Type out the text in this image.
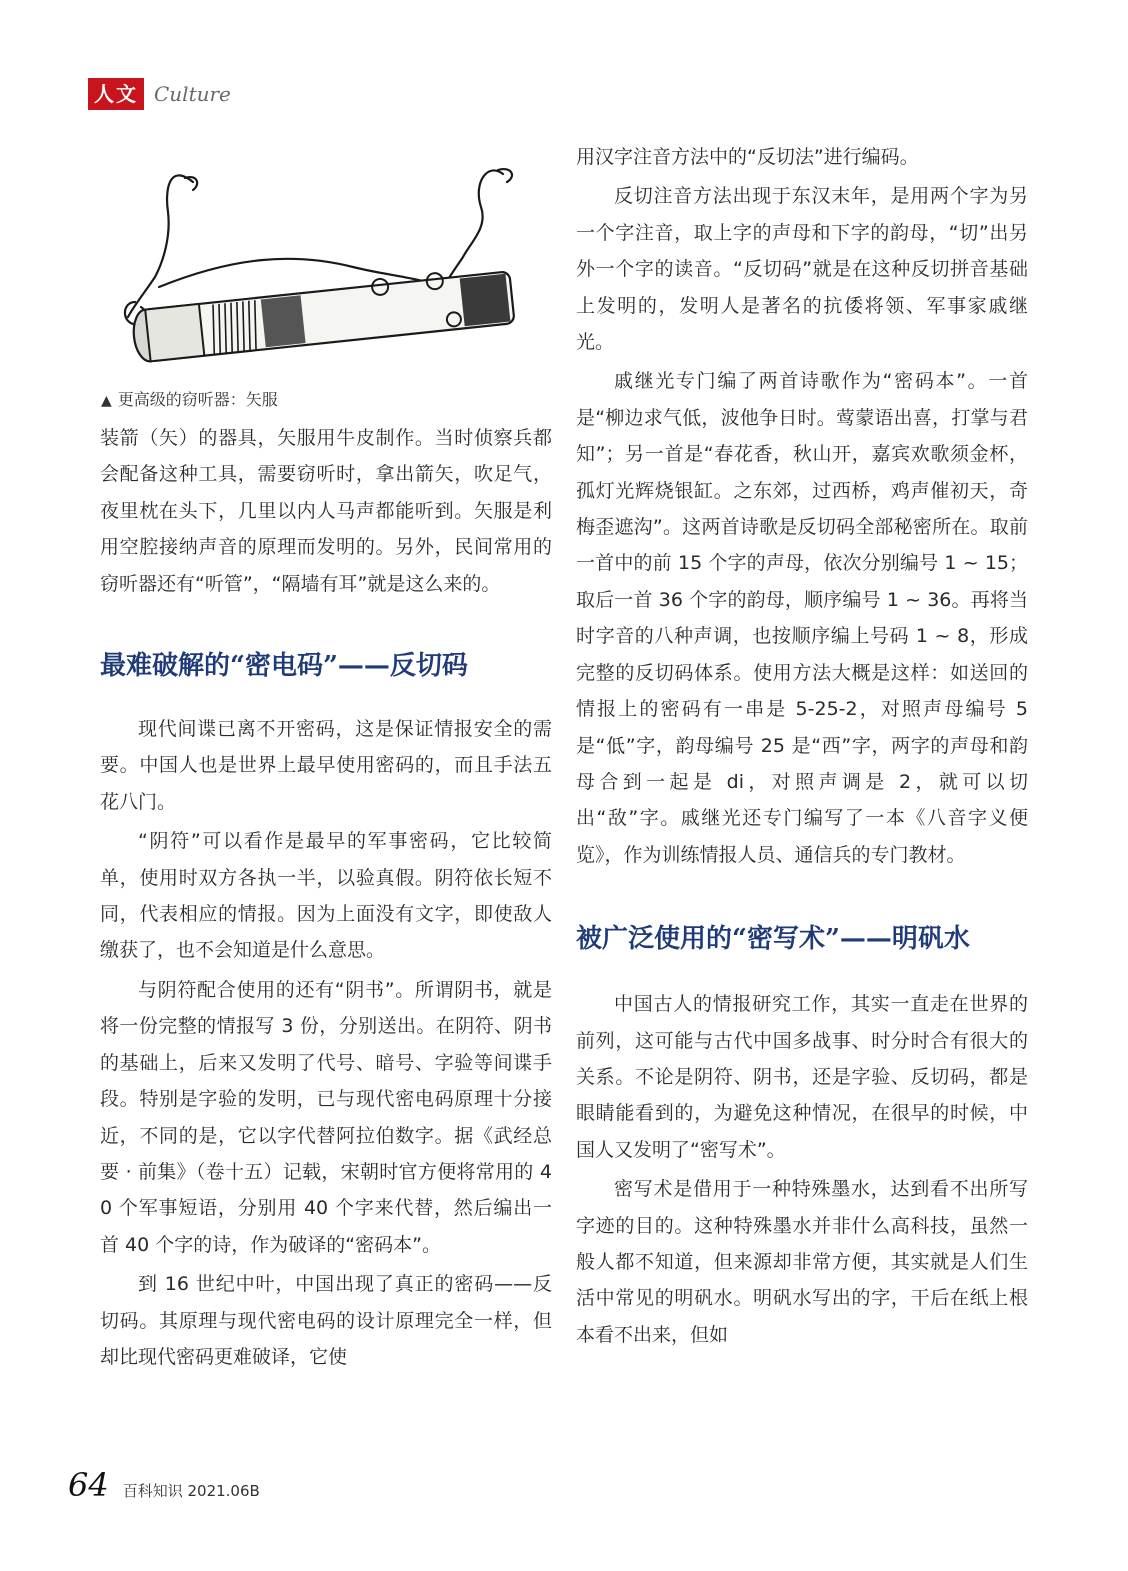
人文 Culture
▲ 更高级的窃听器：矢服

装箭（矢）的器具，矢服用牛皮制作。当时侦察兵都会配备这种工具，需要窃听时，拿出箭矢，吹足气，夜里枕在头下，几里以内人马声都能听到。矢服是利用空腔接纳声音的原理而发明的。另外，民间常用的窃听器还有“听管”，“隔墙有耳”就是这么来的。

最难破解的“密电码”——反切码

现代间谍已离不开密码，这是保证情报安全的需要。中国人也是世界上最早使用密码的，而且手法五花八门。

“阴符”可以看作是最早的军事密码，它比较简单，使用时双方各执一半，以验真假。阴符依长短不同，代表相应的情报。因为上面没有文字，即使敌人缴获了，也不会知道是什么意思。

与阴符配合使用的还有“阴书”。所谓阴书，就是将一份完整的情报写 3 份，分别送出。在阴符、阴书的基础上，后来又发明了代号、暗号、字验等间谍手段。特别是字验的发明，已与现代密电码原理十分接近，不同的是，它以字代替阿拉伯数字。据《武经总要 · 前集》（卷十五）记载，宋朝时官方便将常用的 40 个军事短语，分别用 40 个字来代替，然后编出一首 40 个字的诗，作为破译的“密码本”。

到 16 世纪中叶，中国出现了真正的密码——反切码。其原理与现代密电码的设计原理完全一样，但却比现代密码更难破译，它使

用汉字注音方法中的“反切法”进行编码。

反切注音方法出现于东汉末年，是用两个字为另一个字注音，取上字的声母和下字的韵母，“切”出另外一个字的读音。“反切码”就是在这种反切拼音基础上发明的，发明人是著名的抗倭将领、军事家戚继光。

戚继光专门编了两首诗歌作为“密码本”。一首是“柳边求气低，波他争日时。莺蒙语出喜，打掌与君知”；另一首是“春花香，秋山开，嘉宾欢歌须金杯，孤灯光辉烧银缸。之东郊，过西桥，鸡声催初天，奇梅歪遮沟”。这两首诗歌是反切码全部秘密所在。取前一首中的前 15 个字的声母，依次分别编号 1 ~ 15；取后一首 36 个字的韵母，顺序编号 1 ~ 36。再将当时字音的八种声调，也按顺序编上号码 1 ~ 8，形成完整的反切码体系。使用方法大概是这样：如送回的情报上的密码有一串是 5-25-2，对照声母编号 5 是“低”字，韵母编号 25 是“西”字，两字的声母和韵母合到一起是 di，对照声调是 2，就可以切出“敌”字。戚继光还专门编写了一本《八音字义便览》，作为训练情报人员、通信兵的专门教材。

被广泛使用的“密写术”——明矾水

中国古人的情报研究工作，其实一直走在世界的前列，这可能与古代中国多战事、时分时合有很大的关系。不论是阴符、阴书，还是字验、反切码，都是眼睛能看到的，为避免这种情况，在很早的时候，中国人又发明了“密写术”。

密写术是借用于一种特殊墨水，达到看不出所写字迹的目的。这种特殊墨水并非什么高科技，虽然一般人都不知道，但来源却非常方便，其实就是人们生活中常见的明矾水。明矾水写出的字，干后在纸上根本看不出来，但如

64 百科知识 2021.06B
